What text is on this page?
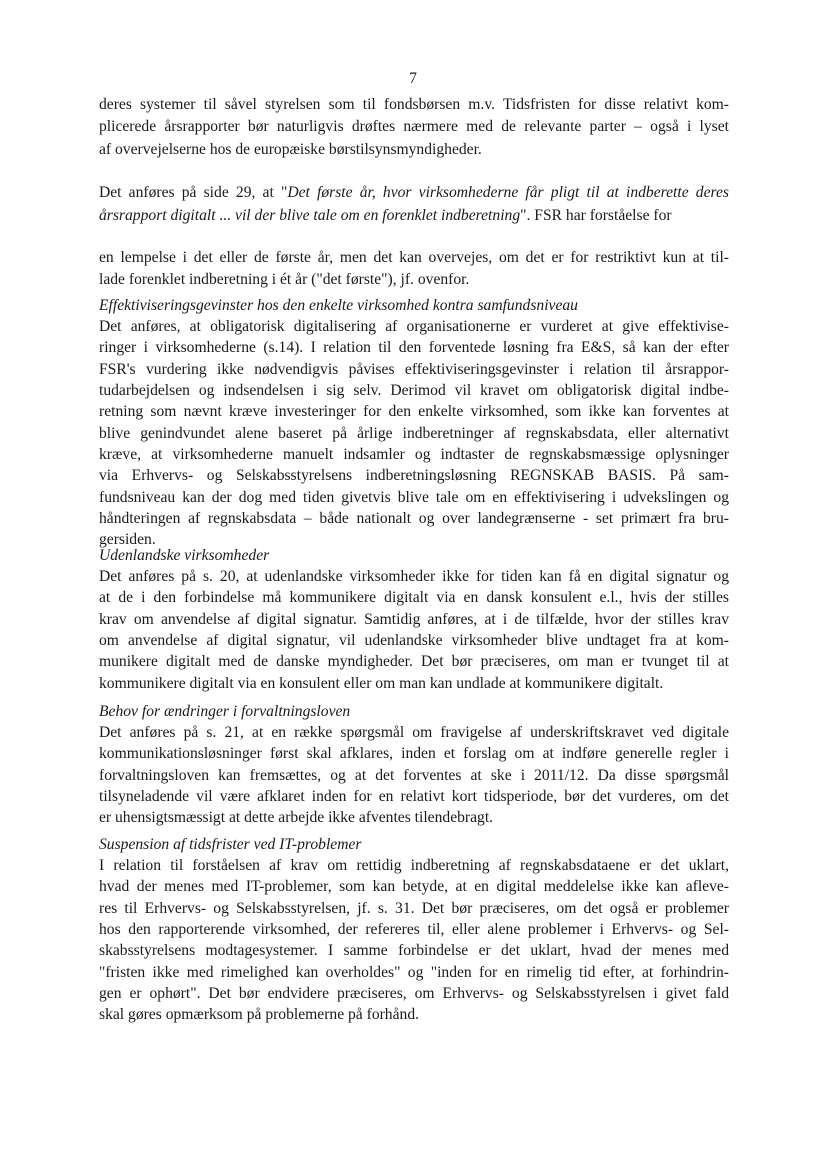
7
deres systemer til såvel styrelsen som til fondsbørsen m.v. Tidsfristen for disse relativt kom-
plicerede årsrapporter bør naturligvis drøftes nærmere med de relevante parter – også i lyset
af overvejelserne hos de europæiske børstilsynsmyndigheder.
Det anføres på side 29, at "Det første år, hvor virksomhederne får pligt til at indberette deres
årsrapport digitalt ... vil der blive tale om en forenklet indberetning". FSR har forståelse for
en lempelse i det eller de første år, men det kan overvejes, om det er for restriktivt kun at til-
lade forenklet indberetning i ét år ("det første"), jf. ovenfor.
Effektiviseringsgevinster hos den enkelte virksomhed kontra samfundsniveau
Det anføres, at obligatorisk digitalisering af organisationerne er vurderet at give effektivise-
ringer i virksomhederne (s.14). I relation til den forventede løsning fra E&S, så kan der efter
FSR's vurdering ikke nødvendigvis påvises effektiviseringsgevinster i relation til årsrappor-
tudarbejdelsen og indsendelsen i sig selv. Derimod vil kravet om obligatorisk digital indbe-
retning som nævnt kræve investeringer for den enkelte virksomhed, som ikke kan forventes at
blive genindvundet alene baseret på årlige indberetninger af regnskabsdata, eller alternativt
kræve, at virksomhederne manuelt indsamler og indtaster de regnskabsmæssige oplysninger
via Erhvervs- og Selskabsstyrelsens indberetningsløsning REGNSKAB BASIS. På sam-
fundsniveau kan der dog med tiden givetvis blive tale om en effektivisering i udvekslingen og
håndteringen af regnskabsdata – både nationalt og over landegrænserne - set primært fra bru-
gersiden.
Udenlandske virksomheder
Det anføres på s. 20, at udenlandske virksomheder ikke for tiden kan få en digital signatur og
at de i den forbindelse må kommunikere digitalt via en dansk konsulent e.l., hvis der stilles
krav om anvendelse af digital signatur. Samtidig anføres, at i de tilfælde, hvor der stilles krav
om anvendelse af digital signatur, vil udenlandske virksomheder blive undtaget fra at kom-
munikere digitalt med de danske myndigheder. Det bør præciseres, om man er tvunget til at
kommunikere digitalt via en konsulent eller om man kan undlade at kommunikere digitalt.
Behov for ændringer i forvaltningsloven
Det anføres på s. 21, at en række spørgsmål om fravigelse af underskriftskravet ved digitale
kommunikationsløsninger først skal afklares, inden et forslag om at indføre generelle regler i
forvaltningsloven kan fremsættes, og at det forventes at ske i 2011/12. Da disse spørgsmål
tilsyneladende vil være afklaret inden for en relativt kort tidsperiode, bør det vurderes, om det
er uhensigtsmæssigt at dette arbejde ikke afventes tilendebragt.
Suspension af tidsfrister ved IT-problemer
I relation til forståelsen af krav om rettidig indberetning af regnskabsdataene er det uklart,
hvad der menes med IT-problemer, som kan betyde, at en digital meddelelse ikke kan afleve-
res til Erhvervs- og Selskabsstyrelsen, jf. s. 31. Det bør præciseres, om det også er problemer
hos den rapporterende virksomhed, der refereres til, eller alene problemer i Erhvervs- og Sel-
skabsstyrelsens modtagesystemer. I samme forbindelse er det uklart, hvad der menes med
"fristen ikke med rimelighed kan overholdes" og "inden for en rimelig tid efter, at forhindrin-
gen er ophørt". Det bør endvidere præciseres, om Erhvervs- og Selskabsstyrelsen i givet fald
skal gøres opmærksom på problemerne på forhånd.
